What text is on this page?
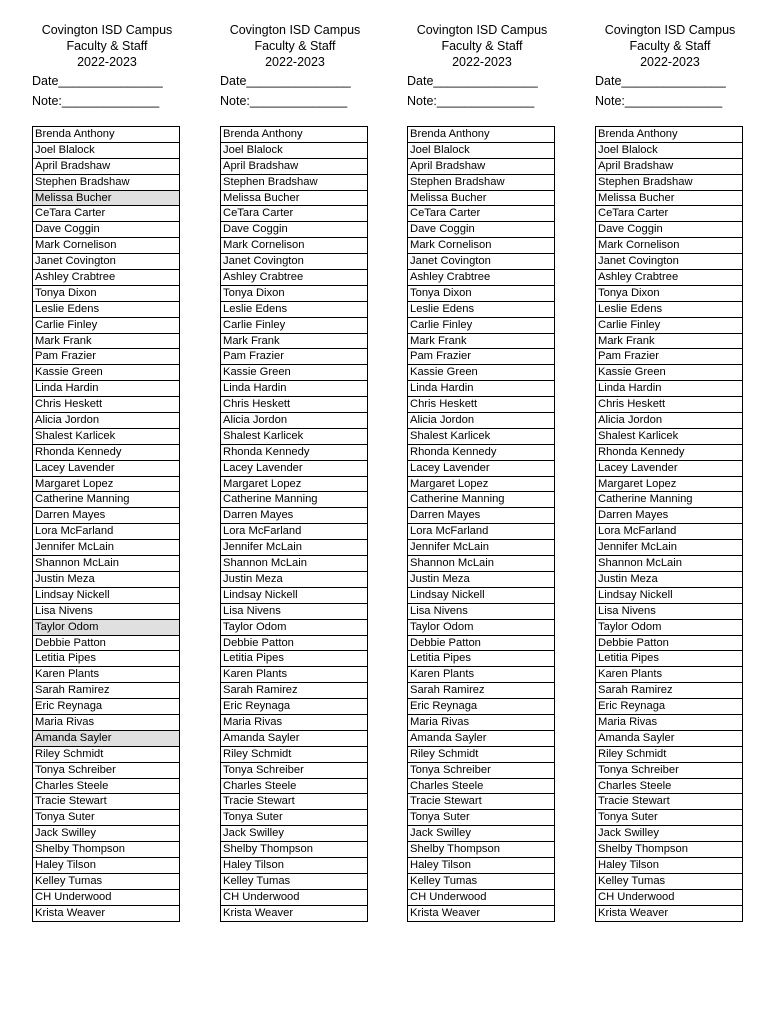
Covington ISD Campus
Faculty & Staff
2022-2023
Date_______________
Note:______________
Brenda Anthony
Joel Blalock
April Bradshaw
Stephen Bradshaw
Melissa Bucher
CeTara Carter
Dave Coggin
Mark Cornelison
Janet Covington
Ashley Crabtree
Tonya Dixon
Leslie Edens
Carlie Finley
Mark Frank
Pam Frazier
Kassie Green
Linda Hardin
Chris Heskett
Alicia Jordon
Shalest Karlicek
Rhonda Kennedy
Lacey Lavender
Margaret Lopez
Catherine Manning
Darren Mayes
Lora McFarland
Jennifer McLain
Shannon McLain
Justin Meza
Lindsay Nickell
Lisa Nivens
Taylor Odom
Debbie Patton
Letitia Pipes
Karen Plants
Sarah Ramirez
Eric Reynaga
Maria Rivas
Amanda Sayler
Riley Schmidt
Tonya Schreiber
Charles Steele
Tracie Stewart
Tonya Suter
Jack Swilley
Shelby Thompson
Haley Tilson
Kelley Tumas
CH Underwood
Krista Weaver
Covington ISD Campus
Faculty & Staff
2022-2023
Date_______________
Note:______________
Brenda Anthony
Joel Blalock
April Bradshaw
Stephen Bradshaw
Melissa Bucher
CeTara Carter
Dave Coggin
Mark Cornelison
Janet Covington
Ashley Crabtree
Tonya Dixon
Leslie Edens
Carlie Finley
Mark Frank
Pam Frazier
Kassie Green
Linda Hardin
Chris Heskett
Alicia Jordon
Shalest Karlicek
Rhonda Kennedy
Lacey Lavender
Margaret Lopez
Catherine Manning
Darren Mayes
Lora McFarland
Jennifer McLain
Shannon McLain
Justin Meza
Lindsay Nickell
Lisa Nivens
Taylor Odom
Debbie Patton
Letitia Pipes
Karen Plants
Sarah Ramirez
Eric Reynaga
Maria Rivas
Amanda Sayler
Riley Schmidt
Tonya Schreiber
Charles Steele
Tracie Stewart
Tonya Suter
Jack Swilley
Shelby Thompson
Haley Tilson
Kelley Tumas
CH Underwood
Krista Weaver
Covington ISD Campus
Faculty & Staff
2022-2023
Date_______________
Note:______________
Brenda Anthony
Joel Blalock
April Bradshaw
Stephen Bradshaw
Melissa Bucher
CeTara Carter
Dave Coggin
Mark Cornelison
Janet Covington
Ashley Crabtree
Tonya Dixon
Leslie Edens
Carlie Finley
Mark Frank
Pam Frazier
Kassie Green
Linda Hardin
Chris Heskett
Alicia Jordon
Shalest Karlicek
Rhonda Kennedy
Lacey Lavender
Margaret Lopez
Catherine Manning
Darren Mayes
Lora McFarland
Jennifer McLain
Shannon McLain
Justin Meza
Lindsay Nickell
Lisa Nivens
Taylor Odom
Debbie Patton
Letitia Pipes
Karen Plants
Sarah Ramirez
Eric Reynaga
Maria Rivas
Amanda Sayler
Riley Schmidt
Tonya Schreiber
Charles Steele
Tracie Stewart
Tonya Suter
Jack Swilley
Shelby Thompson
Haley Tilson
Kelley Tumas
CH Underwood
Krista Weaver
Covington ISD Campus
Faculty & Staff
2022-2023
Date_______________
Note:______________
Brenda Anthony
Joel Blalock
April Bradshaw
Stephen Bradshaw
Melissa Bucher
CeTara Carter
Dave Coggin
Mark Cornelison
Janet Covington
Ashley Crabtree
Tonya Dixon
Leslie Edens
Carlie Finley
Mark Frank
Pam Frazier
Kassie Green
Linda Hardin
Chris Heskett
Alicia Jordon
Shalest Karlicek
Rhonda Kennedy
Lacey Lavender
Margaret Lopez
Catherine Manning
Darren Mayes
Lora McFarland
Jennifer McLain
Shannon McLain
Justin Meza
Lindsay Nickell
Lisa Nivens
Taylor Odom
Debbie Patton
Letitia Pipes
Karen Plants
Sarah Ramirez
Eric Reynaga
Maria Rivas
Amanda Sayler
Riley Schmidt
Tonya Schreiber
Charles Steele
Tracie Stewart
Tonya Suter
Jack Swilley
Shelby Thompson
Haley Tilson
Kelley Tumas
CH Underwood
Krista Weaver
